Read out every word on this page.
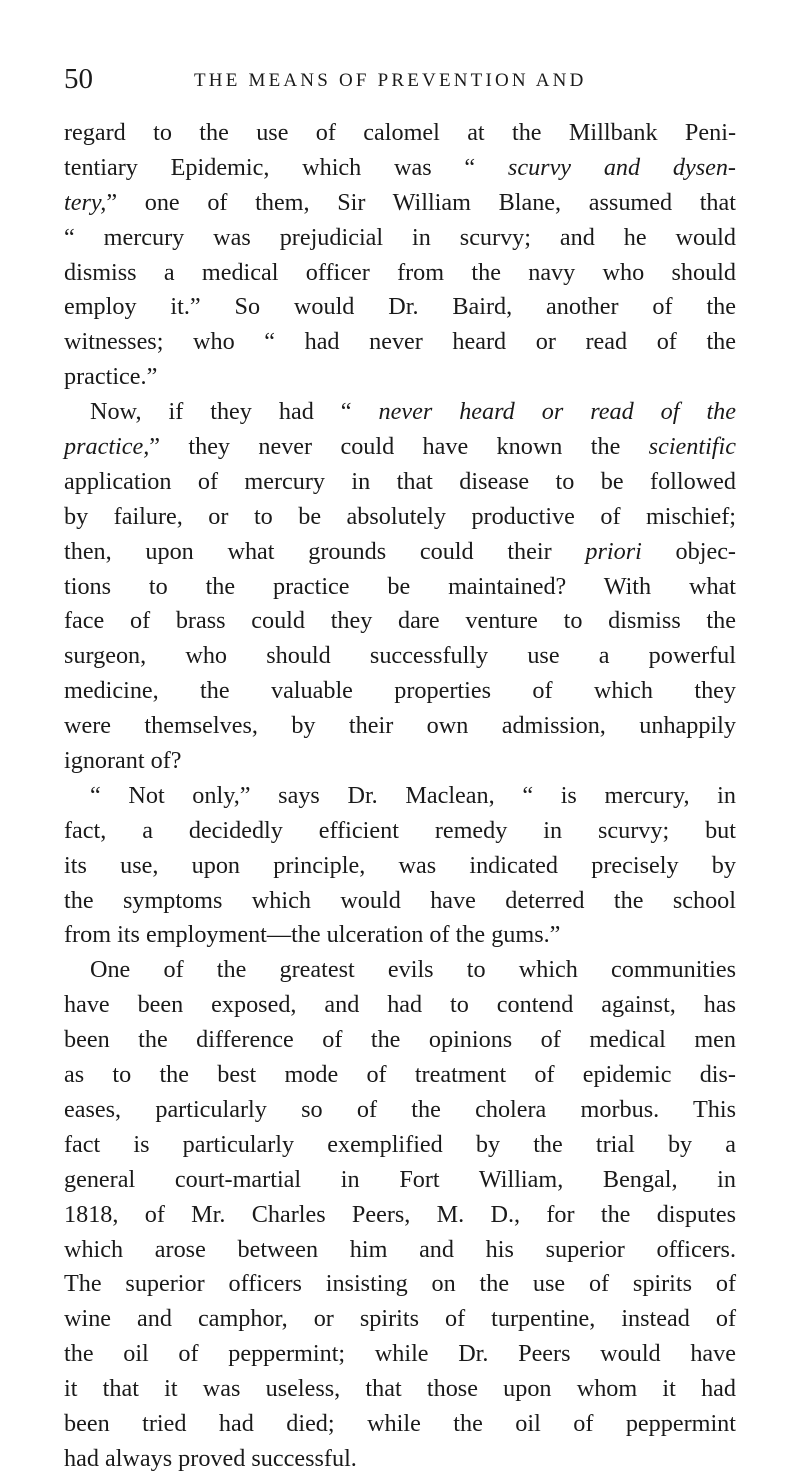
50	THE MEANS OF PREVENTION AND
regard to the use of calomel at the Millbank Peni-
tentiary Epidemic, which was “ scurvy and dysen-
tery,” one of them, Sir William Blane, assumed that
“ mercury was prejudicial in scurvy; and he would
dismiss a medical officer from the navy who should
employ it.” So would Dr. Baird, another of the
witnesses; who “ had never heard or read of the
practice.”
Now, if they had “ never heard or read of the
practice,” they never could have known the scientific
application of mercury in that disease to be followed
by failure, or to be absolutely productive of mischief;
then, upon what grounds could their priori objec-
tions to the practice be maintained? With what
face of brass could they dare venture to dismiss the
surgeon, who should successfully use a powerful
medicine, the valuable properties of which they
were themselves, by their own admission, unhappily
ignorant of?
“ Not only,” says Dr. Maclean, “ is mercury, in
fact, a decidedly efficient remedy in scurvy; but
its use, upon principle, was indicated precisely by
the symptoms which would have deterred the school
from its employment—the ulceration of the gums.”
One of the greatest evils to which communities
have been exposed, and had to contend against, has
been the difference of the opinions of medical men
as to the best mode of treatment of epidemic dis-
eases, particularly so of the cholera morbus. This
fact is particularly exemplified by the trial by a
general court-martial in Fort William, Bengal, in
1818, of Mr. Charles Peers, M. D., for the disputes
which arose between him and his superior officers.
The superior officers insisting on the use of spirits of
wine and camphor, or spirits of turpentine, instead of
the oil of peppermint; while Dr. Peers would have
it that it was useless, that those upon whom it had
been tried had died; while the oil of peppermint
had always proved successful.
